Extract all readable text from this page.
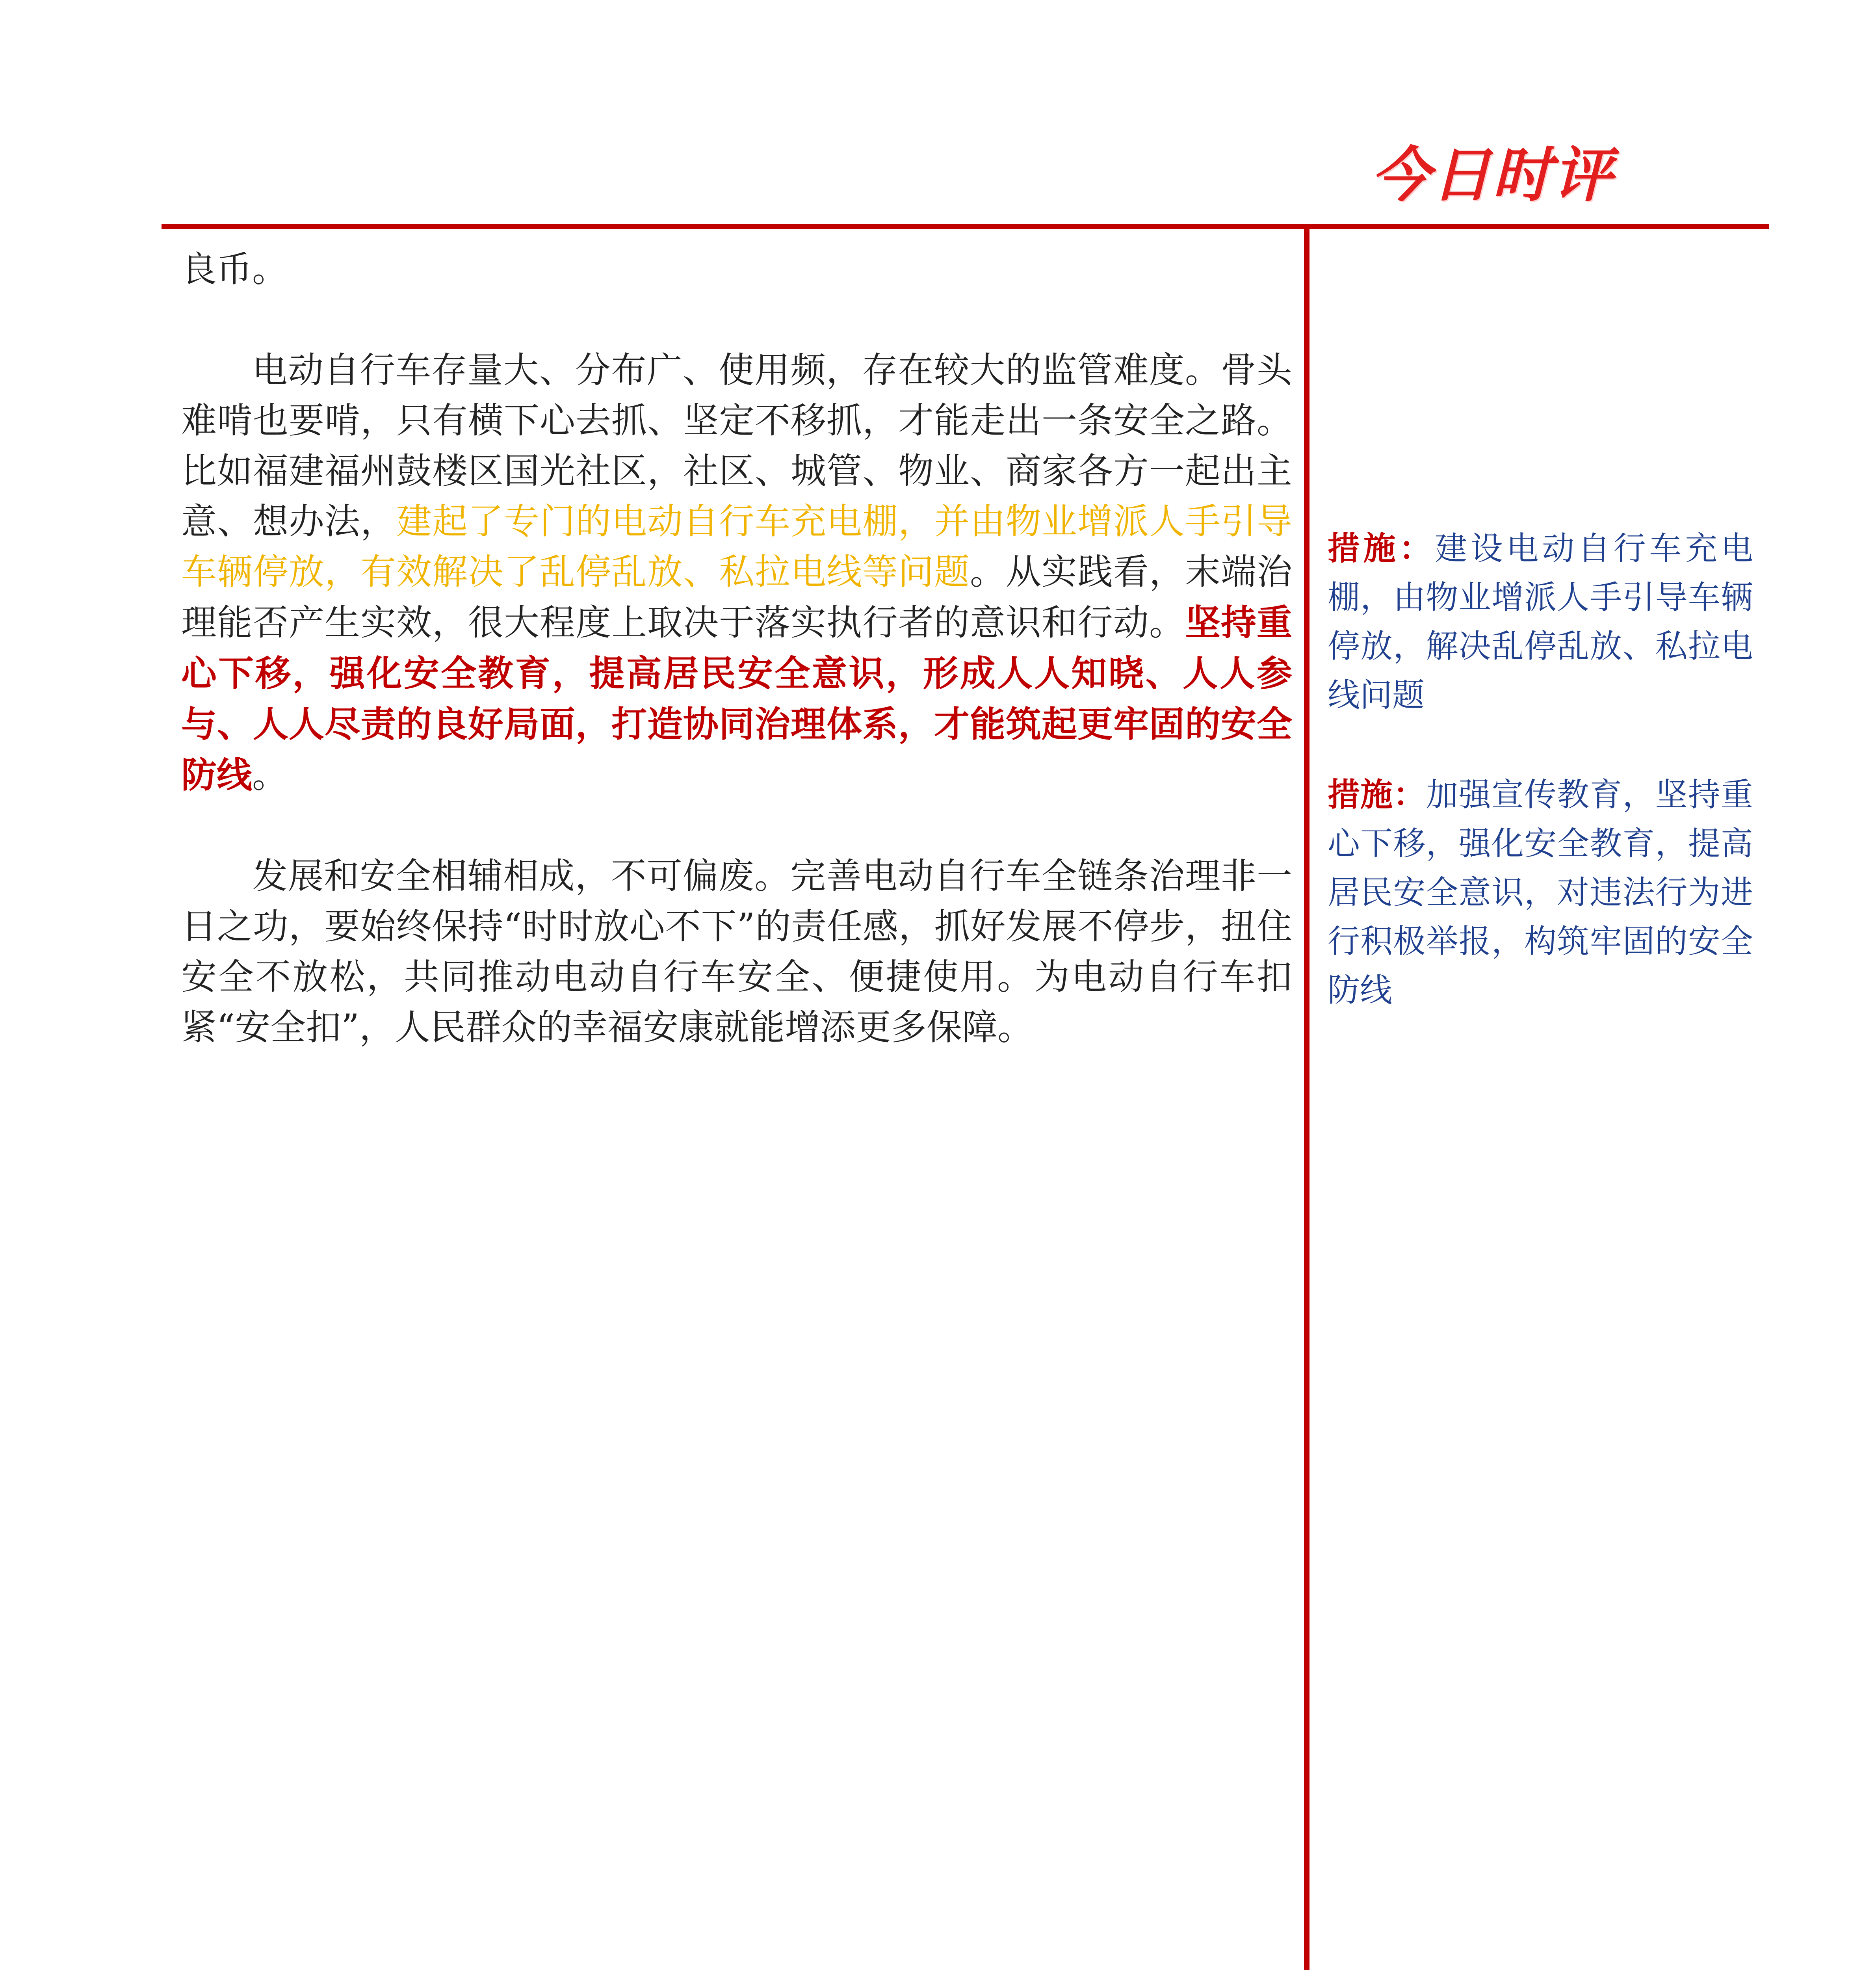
今日时评

良币。

电动自行车存量大、分布广、使用频，存在较大的监管难度。骨头难啃也要啃，只有横下心去抓、坚定不移抓，才能走出一条安全之路。比如福建福州鼓楼区国光社区，社区、城管、物业、商家各方一起出主意、想办法，建起了专门的电动自行车充电棚，并由物业增派人手引导车辆停放，有效解决了乱停乱放、私拉电线等问题。从实践看，末端治理能否产生实效，很大程度上取决于落实执行者的意识和行动。坚持重心下移，强化安全教育，提高居民安全意识，形成人人知晓、人人参与、人人尽责的良好局面，打造协同治理体系，才能筑起更牢固的安全防线。

发展和安全相辅相成，不可偏废。完善电动自行车全链条治理非一日之功，要始终保持“时时放心不下”的责任感，抓好发展不停步，扭住安全不放松，共同推动电动自行车安全、便捷使用。为电动自行车扣紧“安全扣”，人民群众的幸福安康就能增添更多保障。

措施：建设电动自行车充电棚，由物业增派人手引导车辆停放，解决乱停乱放、私拉电线问题
措施：加强宣传教育，坚持重心下移，强化安全教育，提高居民安全意识，对违法行为进行积极举报，构筑牢固的安全防线
